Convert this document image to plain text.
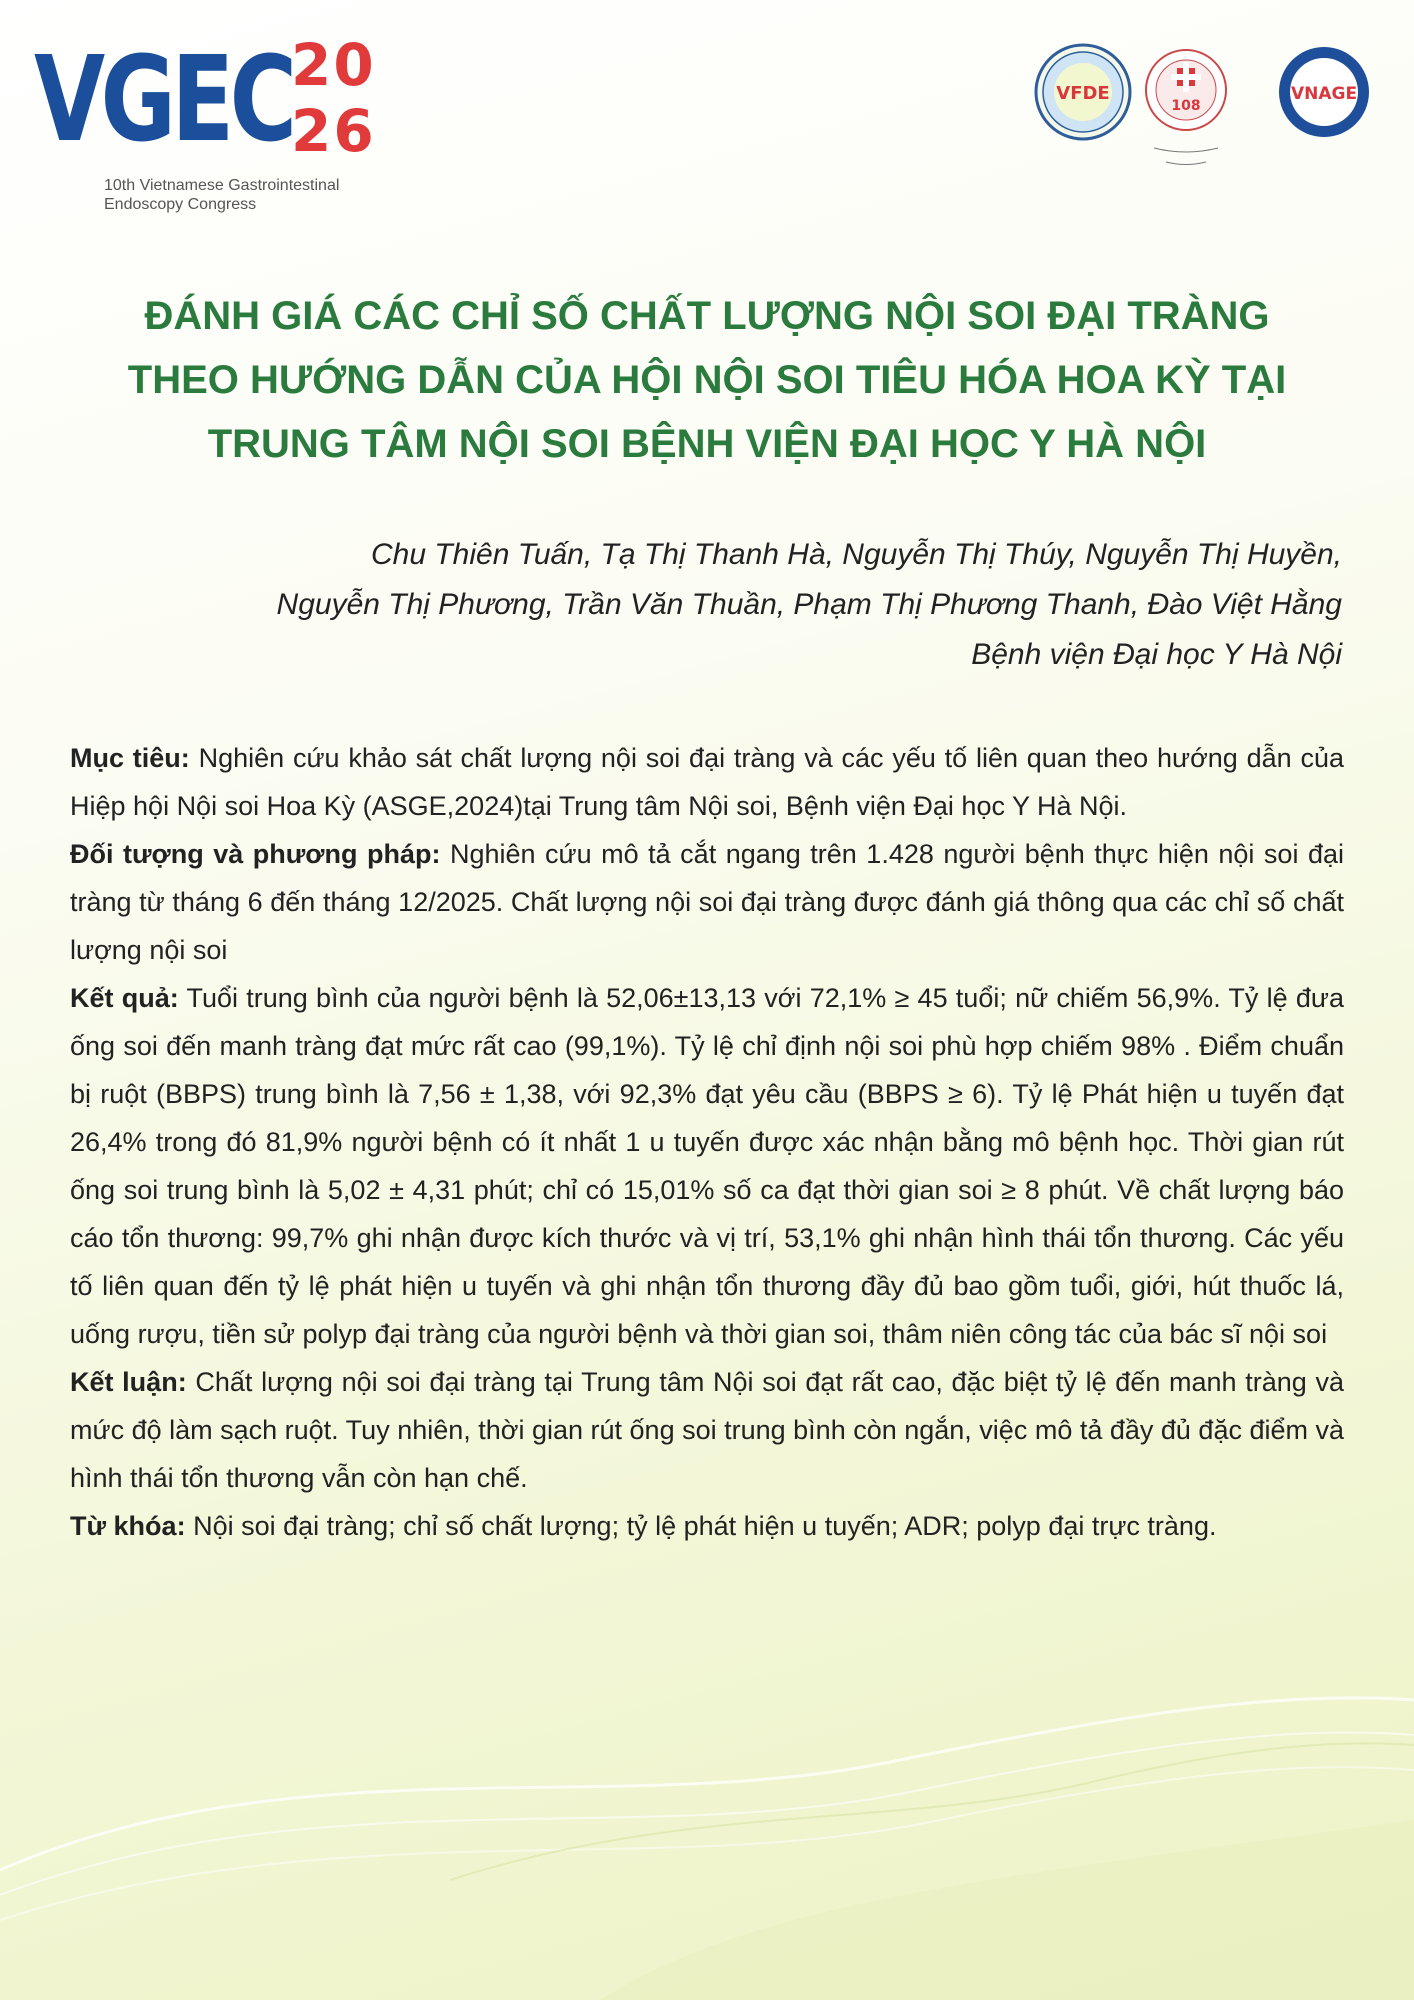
VGEC
20
26
10th Vietnamese Gastrointestinal
Endoscopy Congress
VFDE
108
VNAGE
ĐÁNH GIÁ CÁC CHỈ SỐ CHẤT LƯỢNG NỘI SOI ĐẠI TRÀNG
THEO HƯỚNG DẪN CỦA HỘI NỘI SOI TIÊU HÓA HOA KỲ TẠI
TRUNG TÂM NỘI SOI BỆNH VIỆN ĐẠI HỌC Y HÀ NỘI
Chu Thiên Tuấn, Tạ Thị Thanh Hà, Nguyễn Thị Thúy, Nguyễn Thị Huyền,
Nguyễn Thị Phương, Trần Văn Thuần, Phạm Thị Phương Thanh, Đào Việt Hằng
Bệnh viện Đại học Y Hà Nội

Mục tiêu: Nghiên cứu khảo sát chất lượng nội soi đại tràng và các yếu tố liên quan theo hướng dẫn của Hiệp hội Nội soi Hoa Kỳ (ASGE,2024)tại Trung tâm Nội soi, Bệnh viện Đại học Y Hà Nội.

Đối tượng và phương pháp: Nghiên cứu mô tả cắt ngang trên 1.428 người bệnh thực hiện nội soi đại tràng từ tháng 6 đến tháng 12/2025. Chất lượng nội soi đại tràng được đánh giá thông qua các chỉ số chất lượng nội soi

Kết quả: Tuổi trung bình của người bệnh là 52,06±13,13 với 72,1% ≥ 45 tuổi; nữ chiếm 56,9%. Tỷ lệ đưa ống soi đến manh tràng đạt mức rất cao (99,1%). Tỷ lệ chỉ định nội soi phù hợp chiếm 98% . Điểm chuẩn bị ruột (BBPS) trung bình là 7,56 ± 1,38, với 92,3% đạt yêu cầu (BBPS ≥ 6). Tỷ lệ Phát hiện u tuyến đạt 26,4% trong đó 81,9% người bệnh có ít nhất 1 u tuyến được xác nhận bằng mô bệnh học. Thời gian rút ống soi trung bình là 5,02 ± 4,31 phút; chỉ có 15,01% số ca đạt thời gian soi ≥ 8 phút. Về chất lượng báo cáo tổn thương: 99,7% ghi nhận được kích thước và vị trí, 53,1% ghi nhận hình thái tổn thương. Các yếu tố liên quan đến tỷ lệ phát hiện u tuyến và ghi nhận tổn thương đầy đủ bao gồm tuổi, giới, hút thuốc lá, uống rượu, tiền sử polyp đại tràng của người bệnh và thời gian soi, thâm niên công tác của bác sĩ nội soi

Kết luận: Chất lượng nội soi đại tràng tại Trung tâm Nội soi đạt rất cao, đặc biệt tỷ lệ đến manh tràng và mức độ làm sạch ruột. Tuy nhiên, thời gian rút ống soi trung bình còn ngắn, việc mô tả đầy đủ đặc điểm và hình thái tổn thương vẫn còn hạn chế.

Từ khóa: Nội soi đại tràng; chỉ số chất lượng; tỷ lệ phát hiện u tuyến; ADR; polyp đại trực tràng.
